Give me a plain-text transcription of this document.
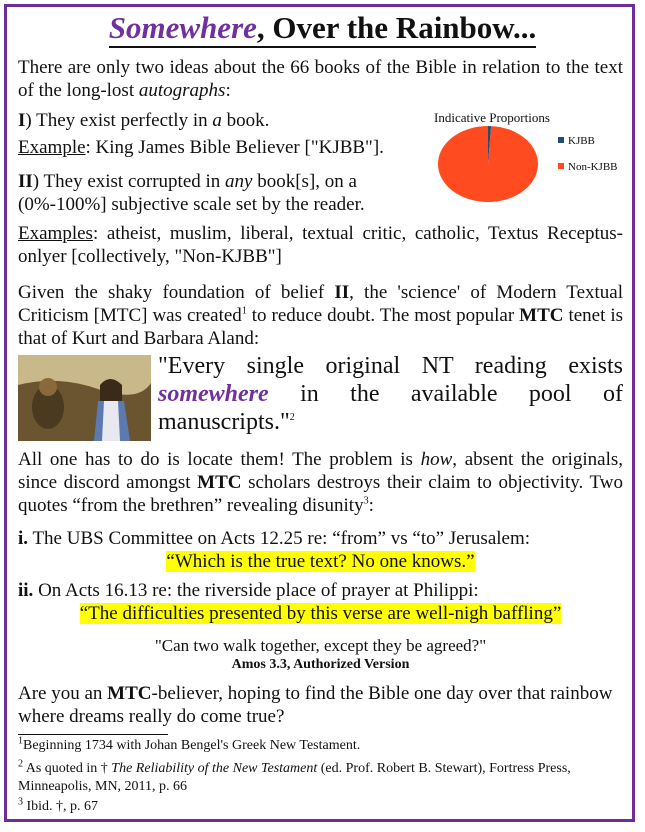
Somewhere, Over the Rainbow...

There are only two ideas about the 66 books of the Bible in relation to the text of the long-lost autographs:

I) They exist perfectly in a book.

Example: King James Bible Believer ["KJBB"].

II) They exist corrupted in any book[s], on a (0%-100%] subjective scale set by the reader.

Examples: atheist, muslim, liberal, textual critic, catholic, Textus Receptus-onlyer [collectively, "Non-KJBB"]

Indicative Proportions
KJBB
Non-KJBB

Given the shaky foundation of belief II, the 'science' of Modern Textual Criticism [MTC] was created$^1$ to reduce doubt. The most popular MTC tenet is that of Kurt and Barbara Aland:

"Every single original NT reading exists somewhere in the available pool of manuscripts."$^2$

All one has to do is locate them! The problem is how, absent the originals, since discord amongst MTC scholars destroys their claim to objectivity. Two quotes “from the brethren” revealing disunity$^3$:

i. The UBS Committee on Acts 12.25 re: “from” vs “to” Jerusalem:

“Which is the true text? No one knows.”

ii. On Acts 16.13 re: the riverside place of prayer at Philippi:

“The difficulties presented by this verse are well-nigh baffling”

"Can two walk together, except they be agreed?"

Amos 3.3, Authorized Version

Are you an MTC-believer, hoping to find the Bible one day over that rainbow where dreams really do come true?

$^1$Beginning 1734 with Johan Bengel's Greek New Testament.
$^2$ As quoted in † The Reliability of the New Testament (ed. Prof. Robert B. Stewart), Fortress Press, Minneapolis, MN, 2011, p. 66
$^3$ Ibid. †, p. 67
